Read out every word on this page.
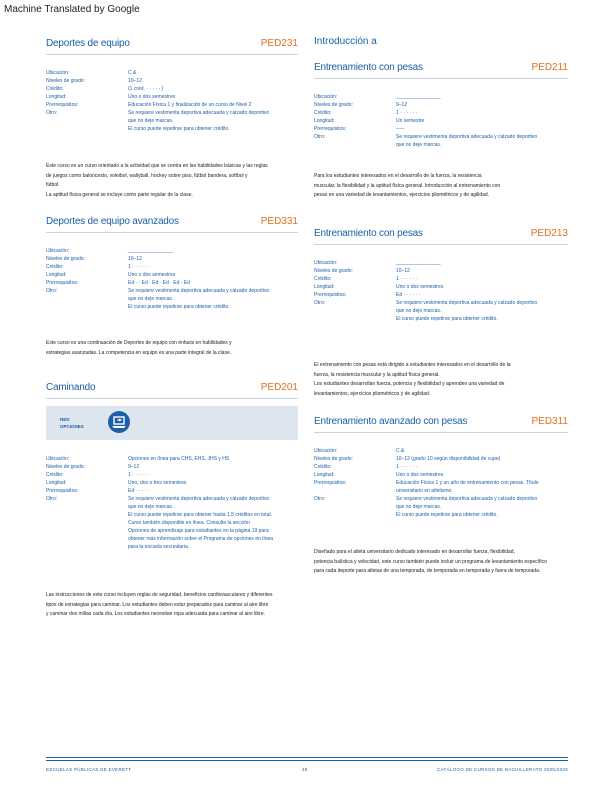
Machine Translated by Google
Deportes de equipo	PED231
Ubicación:	C.&
Niveles de grado:	10–12
Crédito:	(1 créd. · · · · · )
Longitud:	Uno o dos semestres
Prerrequisitos:	Educación Física 1 y finalización de un curso de Nivel 2
Otro:	Se requiere vestimenta deportiva adecuada y calzado deportivo
que no deje marcas.
El curso puede repetirse para obtener crédito.
Este curso es un curso orientado a la actividad que se centra en las habilidades básicas y las reglas
de juegos como baloncesto, voleibol, wallyball, hockey sobre piso, fútbol bandera, softbol y
fútbol.
La aptitud física general se incluye como parte regular de la clase.
Deportes de equipo avanzados	PED331
Ubicación:	________________
Niveles de grado:	10–12
Crédito:	1 · · · · · ·
Longitud:	Uno o dos semestres
Prerrequisitos:	Ed · · Ed · Ed · Ed · Ed · Ed
Otro:	Se requiere vestimenta deportiva adecuada y calzado deportivo
que no deje marcas.
El curso puede repetirse para obtener crédito.
Este curso es una continuación de Deportes de equipo con énfasis en habilidades y
estrategias avanzadas. La competencia en equipo es una parte integral de la clase.
Caminando	PED201
RED
OPCIONES
Ubicación:	Opciones en línea para CHS, EHS, JHS y HS
Niveles de grado:	9–12
Crédito:	1 · · · · · ·
Longitud:	Uno, dos o tres semestres
Prerrequisitos:	Ed · · · · ·
Otro:	Se requiere vestimenta deportiva adecuada y calzado deportivo
que no deje marcas.
El curso puede repetirse para obtener hasta 1,5 créditos en total.
Curso también disponible en línea. Consulte la sección
Opciones de aprendizaje para estudiantes en la página 19 para
obtener más información sobre el Programa de opciones en línea
para la escuela secundaria.
Las instrucciones de este curso incluyen reglas de seguridad, beneficios cardiovasculares y diferentes
tipos de estrategias para caminar. Los estudiantes deben estar preparados para caminar al aire libre
y caminar dos millas cada día. Los estudiantes necesitan ropa adecuada para caminar al aire libre.
Introducción a
Entrenamiento con pesas	PED211
Ubicación:	________________
Niveles de grado:	9–12
Crédito:	1 · · · · · ·
Longitud:	Un semestre
Prerrequisitos:	-----
Otro:	Se requiere vestimenta deportiva adecuada y calzado deportivo
que no deje marcas.
Para los estudiantes interesados en el desarrollo de la fuerza, la resistencia
muscular, la flexibilidad y la aptitud física general. Introducción al entrenamiento con
pesas en una variedad de levantamientos, ejercicios pliométricos y de agilidad.
Entrenamiento con pesas	PED213
Ubicación:	________________
Niveles de grado:	10–12
Crédito:	1 · · · · · ·
Longitud:	Uno o dos semestres
Prerrequisitos:	Ed · · · · · ·
Otro:	Se requiere vestimenta deportiva adecuada y calzado deportivo
que no deje marcas.
El curso puede repetirse para obtener crédito.
El entrenamiento con pesas está dirigido a estudiantes interesados en el desarrollo de la
fuerza, la resistencia muscular y la aptitud física general.
Los estudiantes desarrollan fuerza, potencia y flexibilidad y aprenden una variedad de
levantamientos, ejercicios pliométricos y de agilidad.
Entrenamiento avanzado con pesas	PED311
Ubicación:	C.&
Niveles de grado:	10–12 (grado 10 según disponibilidad de cupo)
Crédito:	1 · · · · · ·
Longitud:	Uno o dos semestres
Prerrequisitos:	Educación Física 1 y un año de entrenamiento con pesas. Título
universitario en atletismo.
Otro:	Se requiere vestimenta deportiva adecuada y calzado deportivo
que no deje marcas.
El curso puede repetirse para obtener crédito.
Diseñado para el atleta universitario dedicado interesado en desarrollar fuerza, flexibilidad,
potencia balística y velocidad, este curso también puede incluir un programa de levantamiento específico
para cada deporte para atletas de una temporada, de temporada en temporada y fuera de temporada.
ESCUELAS PÚBLICAS DE EVERETT	49	CATÁLOGO DE CURSOS DE BACHILLERATO 2025/2026
